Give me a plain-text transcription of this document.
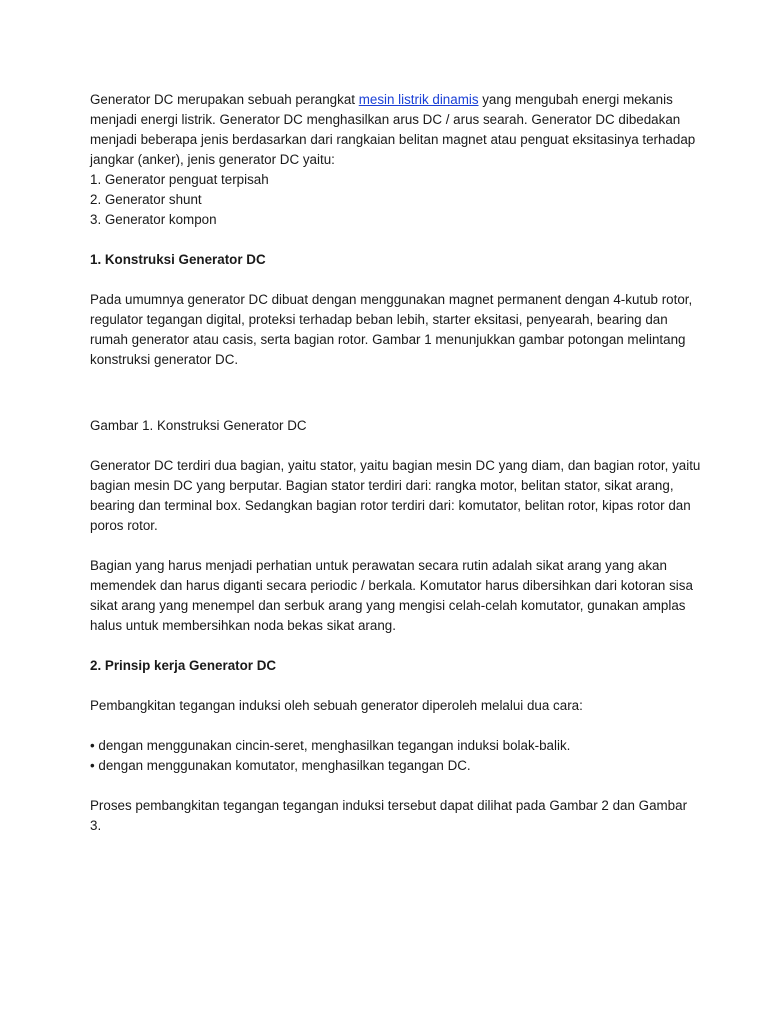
Generator DC merupakan sebuah perangkat mesin listrik dinamis yang mengubah energi mekanis
menjadi energi listrik. Generator DC menghasilkan arus DC / arus searah. Generator DC dibedakan
menjadi beberapa jenis berdasarkan dari rangkaian belitan magnet atau penguat eksitasinya terhadap
jangkar (anker), jenis generator DC yaitu:
1. Generator penguat terpisah
2. Generator shunt
3. Generator kompon
1. Konstruksi Generator DC
Pada umumnya generator DC dibuat dengan menggunakan magnet permanent dengan 4-kutub rotor,
regulator tegangan digital, proteksi terhadap beban lebih, starter eksitasi, penyearah, bearing dan
rumah generator atau casis, serta bagian rotor. Gambar 1 menunjukkan gambar potongan melintang
konstruksi generator DC.
Gambar 1. Konstruksi Generator DC
Generator DC terdiri dua bagian, yaitu stator, yaitu bagian mesin DC yang diam, dan bagian rotor, yaitu
bagian mesin DC yang berputar. Bagian stator terdiri dari: rangka motor, belitan stator, sikat arang,
bearing dan terminal box. Sedangkan bagian rotor terdiri dari: komutator, belitan rotor, kipas rotor dan
poros rotor.
Bagian yang harus menjadi perhatian untuk perawatan secara rutin adalah sikat arang yang akan
memendek dan harus diganti secara periodic / berkala. Komutator harus dibersihkan dari kotoran sisa
sikat arang yang menempel dan serbuk arang yang mengisi celah-celah komutator, gunakan amplas
halus untuk membersihkan noda bekas sikat arang.
2. Prinsip kerja Generator DC
Pembangkitan tegangan induksi oleh sebuah generator diperoleh melalui dua cara:
• dengan menggunakan cincin-seret, menghasilkan tegangan induksi bolak-balik.
• dengan menggunakan komutator, menghasilkan tegangan DC.
Proses pembangkitan tegangan tegangan induksi tersebut dapat dilihat pada Gambar 2 dan Gambar 3.
